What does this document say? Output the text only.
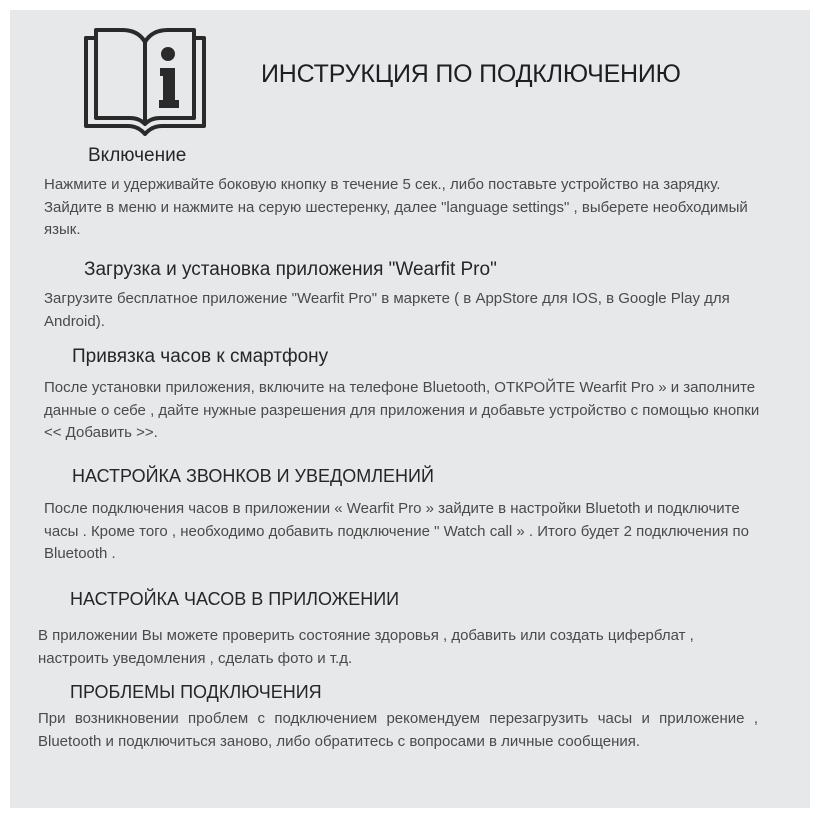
ИНСТРУКЦИЯ ПО ПОДКЛЮЧЕНИЮ
Включение

Нажмите и удерживайте боковую кнопку в течение 5 сек., либо поставьте устройство на зарядку. Зайдите в меню и нажмите на серую шестеренку, далее "language settings" , выберете необходимый язык.

Загрузка и установка приложения "Wearfit Pro"

Загрузите бесплатное приложение "Wearfit Pro" в маркете ( в AppStore для IOS, в Google Play для Android).

Привязка часов к смартфону

После установки приложения, включите на телефоне Bluetooth, ОТКРОЙТЕ Wearfit Pro » и заполните данные о себе , дайте нужные разрешения для приложения и добавьте устройство с помощью кнопки << Добавить >>.

НАСТРОЙКА ЗВОНКОВ И УВЕДОМЛЕНИЙ

После подключения часов в приложении « Wearfit Pro » зайдите в настройки Bluetoth и подключите часы . Кроме того , необходимо добавить подключение " Watch call » . Итого будет 2 подключения по Bluetooth .

НАСТРОЙКА ЧАСОВ В ПРИЛОЖЕНИИ

В приложении Вы можете проверить состояние здоровья , добавить или создать циферблат , настроить уведомления , сделать фото и т.д.

ПРОБЛЕМЫ ПОДКЛЮЧЕНИЯ

При возникновении проблем с подключением рекомендуем перезагрузить часы и приложение , Bluetooth и подключиться заново, либо обратитесь с вопросами в личные сообщения.
